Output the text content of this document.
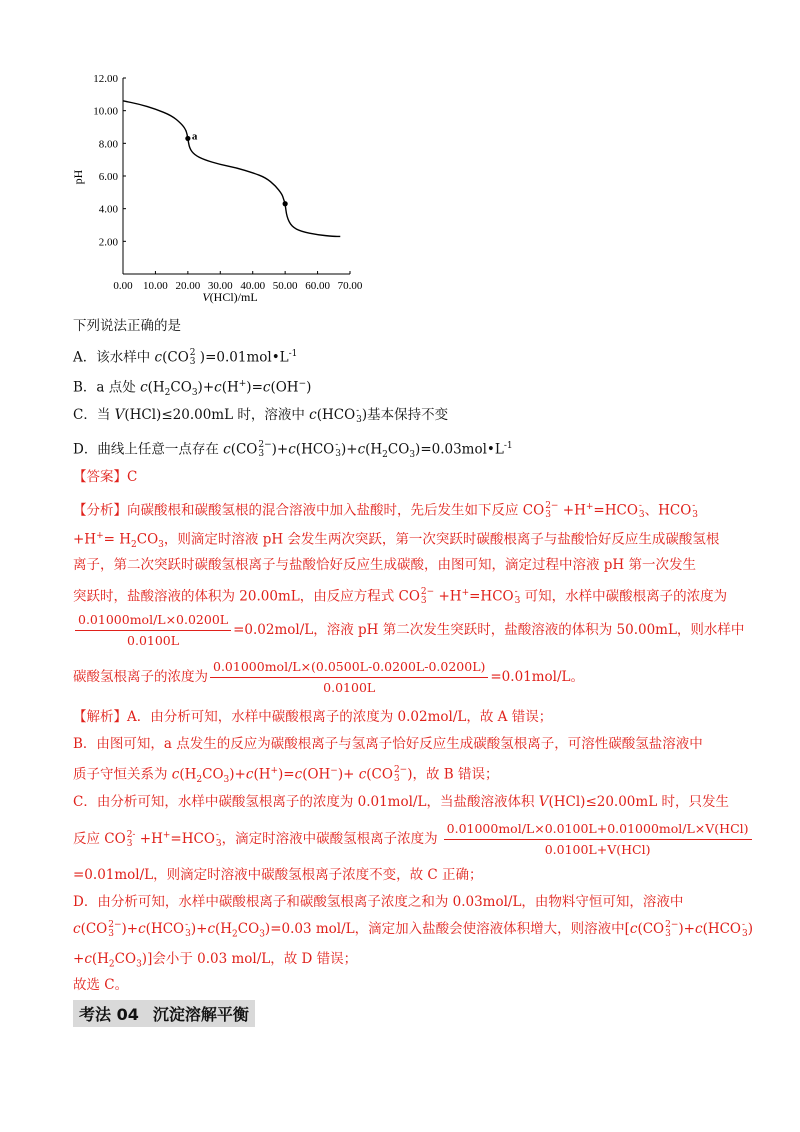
a
0.00 10.00 20.00 30.00 40.00 50.00 60.00 70.00
2.00
4.00
6.00
8.00
10.00
12.00
pH
V(HCl)/mL
下列说法正确的是
A．该水样中 c(CO 2
3 )$=0.01mol•L^{-1}$
B．a 点处 $c(H_2CO_3)+c(H^+)=c(OH^-)$
C．当 V(HCl)≤20.00mL 时，溶液中 c(HCO -
3 )基本保持不变
D．曲线上任意一点存在 c(CO 2−
3 )+c(HCO -
3 )$+c(H_2CO_3)=0.03mol•L^{-1}$
【答案】C
【分析】向碳酸根和碳酸氢根的混合溶液中加入盐酸时，先后发生如下反应 CO 2−
3 +H+=HCO -
3 、HCO -
3
$+H^+= H_2CO_3$，则滴定时溶液 pH 会发生两次突跃，第一次突跃时碳酸根离子与盐酸恰好反应生成碳酸氢根
离子，第二次突跃时碳酸氢根离子与盐酸恰好反应生成碳酸，由图可知，滴定过程中溶液 pH 第一次发生
突跃时，盐酸溶液的体积为 20.00mL，由反应方程式 CO 2−
3 +H+=HCO -
3 可知，水样中碳酸根离子的浓度为
$\frac{\text{0.01000mol/L×0.0200L}}{0.0100L} =0.02mol/L$，溶液 pH 第二次发生突跃时，盐酸溶液的体积为 50.00mL，则水样中
碳酸氢根离子的浓度为 $\frac{\text{0.01000mol/L×(0.0500L-0.0200L-0.0200L)}}{0.0100L} =0.01mol/L$。
【解析】A．由分析可知，水样中碳酸根离子的浓度为 0.02mol/L，故 A 错误；
B．由图可知，a 点发生的反应为碳酸根离子与氢离子恰好反应生成碳酸氢根离子，可溶性碳酸氢盐溶液中
质子守恒关系为 $c(H_2CO_3)+c(H^+)=c(OH^-)+ c(CO$ 2−
3 )，故 B 错误；
C．由分析可知，水样中碳酸氢根离子的浓度为 0.01mol/L，当盐酸溶液体积 V(HCl)≤20.00mL 时，只发生
反应 CO 2-
3 +H+=HCO -
3 ，滴定时溶液中碳酸氢根离子浓度为 $\frac{\text{0.01000mol/L×0.0100L+0.01000mol/L×V(HCl)}}{\text{0.0100L+V(HCl)}}$
=0.01mol/L，则滴定时溶液中碳酸氢根离子浓度不变，故 C 正确；
D．由分析可知，水样中碳酸根离子和碳酸氢根离子浓度之和为 0.03mol/L，由物料守恒可知，溶液中
c(CO 2−
3 )+c(HCO -
3 )$+c(H_2CO_3)=0.03$ mol/L，滴定加入盐酸会使溶液体积增大，则溶液中[c(CO 2−
3 )+c(HCO -
3 )
$+c(H_2CO_3)$]会小于 0.03 mol/L，故 D 错误；
故选 C。
考法 04 沉淀溶解平衡
